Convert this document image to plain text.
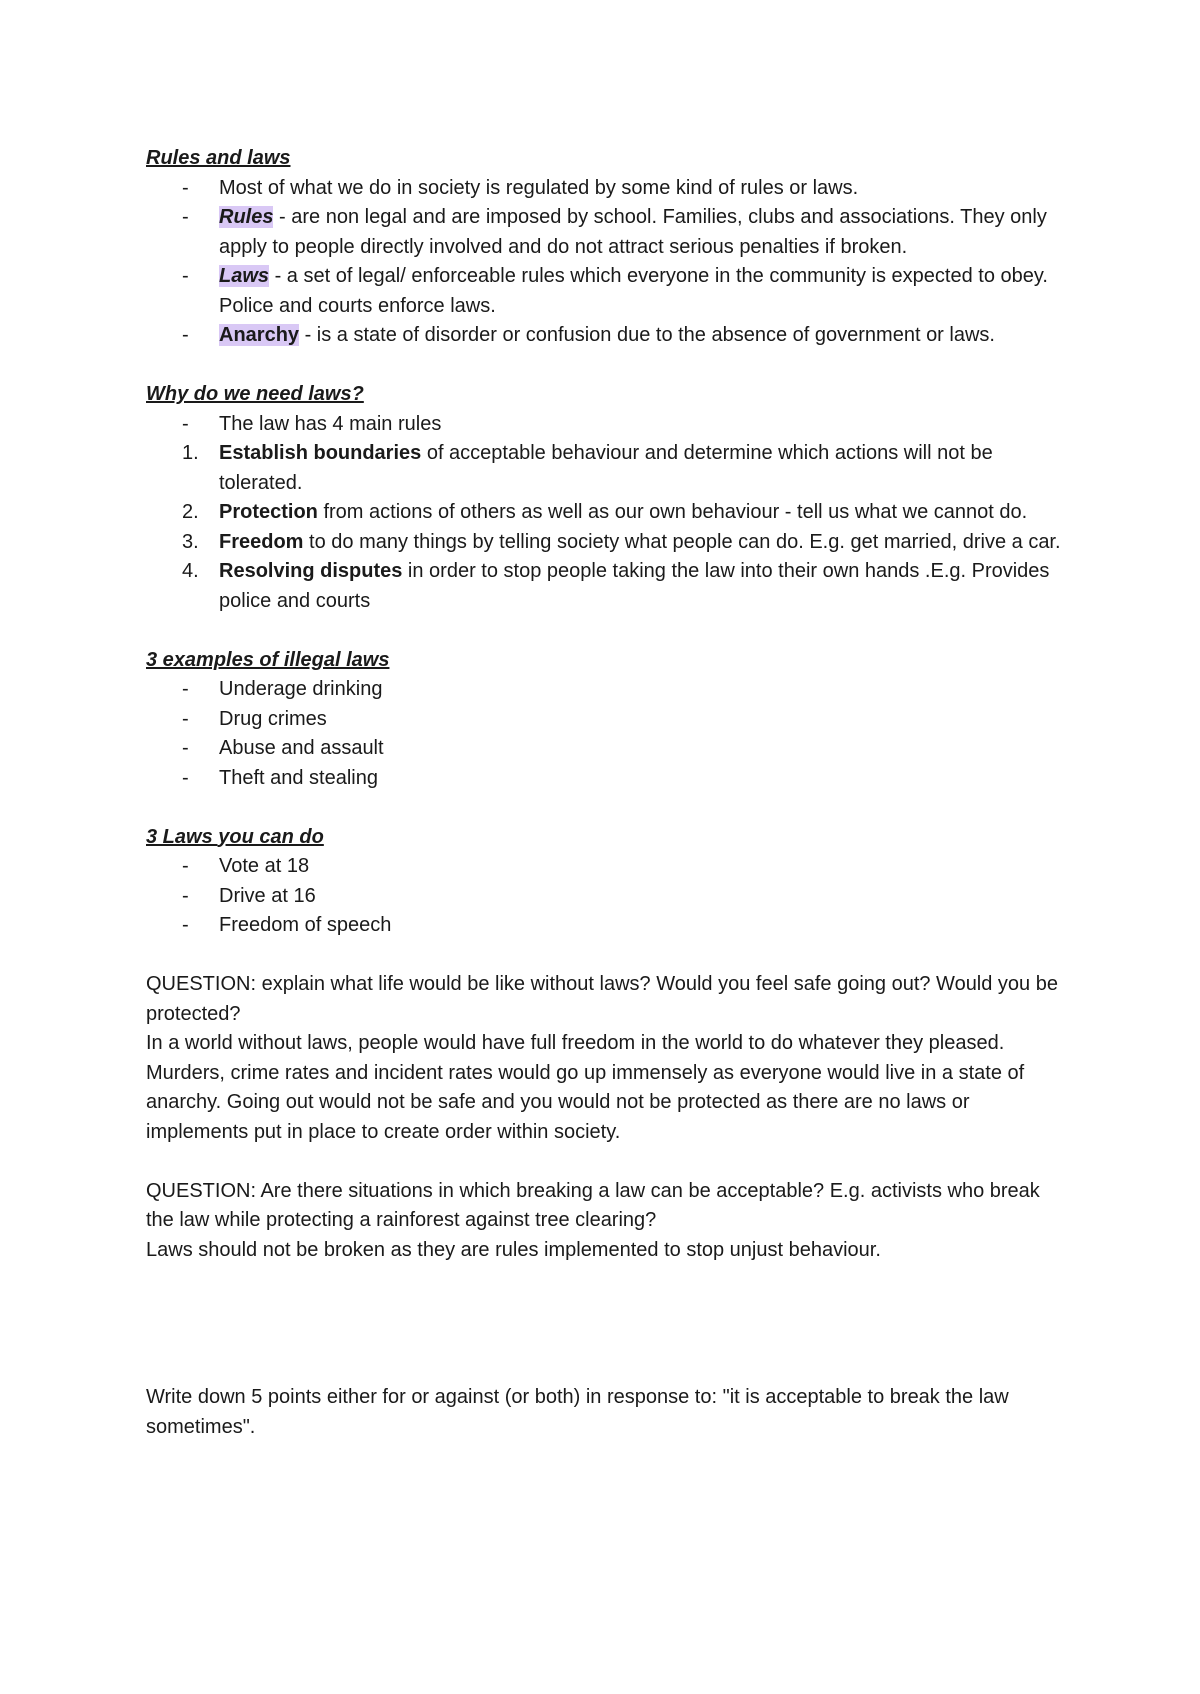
Rules and laws
-	Most of what we do in society is regulated by some kind of rules or laws.
-	Rules - are non legal and are imposed by school. Families, clubs and associations. They only apply to people directly involved and do not attract serious penalties if broken.
-	Laws - a set of legal/ enforceable rules which everyone in the community is expected to obey. Police and courts enforce laws.
-	Anarchy - is a state of disorder or confusion due to the absence of government or laws.
Why do we need laws?
-	The law has 4 main rules
1.	Establish boundaries of acceptable behaviour and determine which actions will not be tolerated.
2.	Protection from actions of others as well as our own behaviour - tell us what we cannot do.
3.	Freedom to do many things by telling society what people can do. E.g. get married, drive a car.
4.	Resolving disputes in order to stop people taking the law into their own hands .E.g. Provides police and courts
3 examples of illegal laws
-	Underage drinking
-	Drug crimes
-	Abuse and assault
-	Theft and stealing
3 Laws you can do
-	Vote at 18
-	Drive at 16
-	Freedom of speech

QUESTION: explain what life would be like without laws? Would you feel safe going out? Would you be protected?

In a world without laws, people would have full freedom in the world to do whatever they pleased. Murders, crime rates and incident rates would go up immensely as everyone would live in a state of anarchy. Going out would not be safe and you would not be protected as there are no laws or implements put in place to create order within society.

QUESTION: Are there situations in which breaking a law can be acceptable? E.g. activists who break the law while protecting a rainforest against tree clearing?

Laws should not be broken as they are rules implemented to stop unjust behaviour.

Write down 5 points either for or against (or both) in response to: "it is acceptable to break the law sometimes".
